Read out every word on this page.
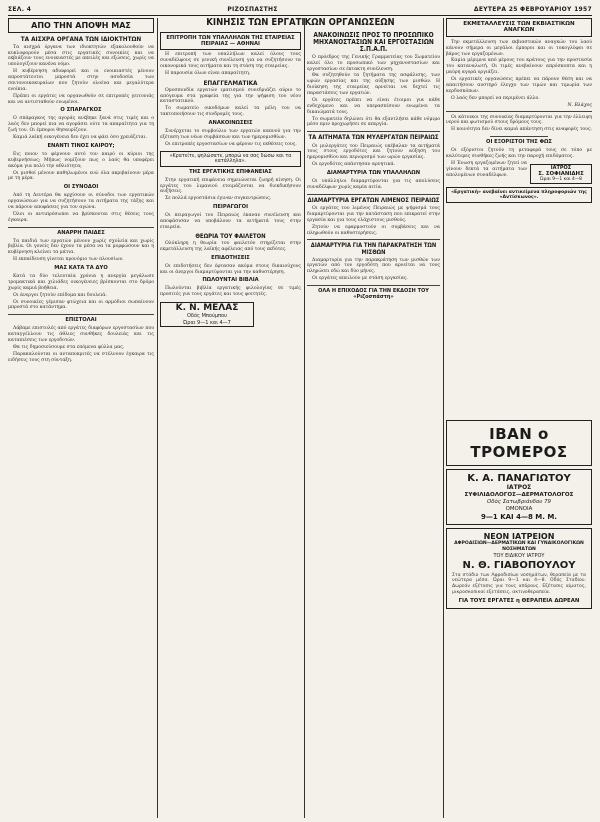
ΣΕΛ. 4	ΡΙΖΟΣΠΑΣΤΗΣ	ΔΕΥΤΕΡΑ 25 ΦΕΒΡΟΥΑΡΙΟΥ 1957
ΑΠΟ ΤΗΝ ΑΠΟΨΗ ΜΑΣ
ΤΑ ΑΙΣΧΡΑ ΟΡΓΑΝΑ ΤΩΝ ΙΔΙΟΚΤΗΤΩΝ

Τα αισχρά όργανα των ιδιοκτητών εξακολουθούν να κυκλοφορούν μέσα στις εργατικές συνοικίες και να εκβιάζουν τους ενοικιαστές με απειλές και εξώσεις, χωρίς να υπολογίζουν κανένα νόμο.

Η κυβέρνηση αδιαφορεί και οι ενοικιαστές μένουν απροστάτευτοι μπροστά στην ασυδοσία των σπιτονοικοκυραίων που ζητούν ολοένα και μεγαλύτερα ενοίκια.

Πρέπει οι εργάτες να οργανωθούν σε επιτροπές γειτονιάς και να αντισταθούν ενωμένοι.

Ο ΣΠΑΡΑΓΚΟΣ

Ο σπάραγκος της αγοράς ανέβηκε ξανά στις τιμές και ο λαός δεν μπορεί πια να αγοράσει ούτε τα απαραίτητα για τη ζωή του. Οι έμποροι θησαυρίζουν.

Καμιά λαϊκή οικογένεια δεν έχει να φάει όσο χρειάζεται.

ΕΝΑΝΤΙ ΤΙΝΟΣ ΚΑΙΡΟΥ;

Εις ποιον το φέρνουν αυτό τον καιρό οι κύριοι της κυβερνήσεως; Μήπως νομίζουν πως ο λαός θα υποφέρει ακόμα για πολύ την αθλιότητα;

Οι μισθοί μένουν καθηλωμένοι ενώ όλα ακριβαίνουν μέρα με τη μέρα.

ΟΙ ΣΥΝΟΔΟΙ

Από τη Δευτέρα θα αρχίσουν οι σύνοδοι των εργατικών οργανώσεων για να συζητήσουν τα αιτήματα της τάξης και να πάρουν αποφάσεις για τον αγώνα.

Όλοι οι αντιπρόσωποι να βρίσκονται στις θέσεις τους έγκαιρα.

ΑΝΑΡΡΗ ΠΑΙΔΕΣ

Τα παιδιά των εργατών μένουν χωρίς σχολεία και χωρίς βιβλία. Οι γονείς δεν έχουν τα μέσα να τα μορφώσουν και η κυβέρνηση κλείνει τα μάτια.

Η εκπαίδευση γίνεται προνόμιο των πλουσίων.

ΜΑΣ ΚΑΤΑ ΤΑ ΔΥΟ

Κατά τα δύο τελευταία χρόνια η ανεργία μεγάλωσε τρομακτικά και χιλιάδες οικογένειες βρίσκονται στο δρόμο χωρίς καμιά βοήθεια.

Οι άνεργοι ζητούν επίδομα και δουλειά.

Οι συνοικίες γέμισαν φτώχεια και οι αρμόδιοι σωπαίνουν μπροστά στο κατάντημα.

ΕΠΙΣΤΟΛΑΙ

Λάβαμε επιστολές από εργάτες διαφόρων εργοστασίων που καταγγέλλουν τις άθλιες συνθήκες δουλειάς και τις καταπιέσεις των εργοδοτών.

Θα τις δημοσιεύσουμε στα επόμενα φύλλα μας.

Παρακαλούνται οι ανταποκριτές να στέλνουν έγκαιρα τις ειδήσεις τους στη σύνταξη.

ΚΙΝΗΣΙΣ ΤΩΝ ΕΡΓΑΤΙΚΩΝ ΟΡΓΑΝΩΣΕΩΝ
ΕΠΙΤΡΟΠΗ ΤΩΝ ΥΠΑΛΛΗΛΩΝ ΤΗΣ ΕΤΑΙΡΕΙΑΣ ΠΕΙΡΑΙΑΣ — ΑΘΗΝΑΙ

Η επιτροπή των υπαλλήλων καλεί όλους τους συναδέλφους σε γενική συνέλευση για να συζητήσουν τα οικονομικά τους αιτήματα και τη στάση της εταιρείας.

Η παρουσία όλων είναι απαραίτητη.

ΕΠΑΓΓΕΛΜΑΤΙΚΑ

Ομοσπονδία εργατών ιματισμού συνεδριάζει αύριο το απόγευμα στα γραφεία της για την ψήφιση του νέου καταστατικού.

Το σωματείο οικοδόμων καλεί τα μέλη του να τακτοποιήσουν τις συνδρομές τους.

ΑΝΑΚΟΙΝΩΣΕΙΣ

Συνέρχεται το συμβούλιο των εργατών καπνού για την εξέταση των νέων συμβάσεων και των ημερομισθίων.

Οι επιτροπές εργοστασίων να φέρουν τις εκθέσεις τους.

«Κρατείτε, ψηλώσατε, μπορώ να σας δώσω και τα κατάλληλα».
ΤΗΣ ΕΡΓΑΤΙΚΗΣ ΕΠΙΦΑΝΕΙΑΣ

Στην εργατική επιφάνεια σημειώνεται ζωηρή κίνηση. Οι εργάτες του λιμανιού ετοιμάζονται να διεκδικήσουν αυξήσεις.

Σε πολλά εργοστάσια έγιναν συγκεντρώσεις.

ΠΕΙΡΑΓΩΓΟΙ

Οι πειραγωγοί του Πειραιώς έκαναν συνέλευση και αποφάσισαν να υποβάλουν τα αιτήματά τους στην εταιρεία.

ΘΕΩΡΙΑ ΤΟΥ ΦΑΙΛΕΤΟΝ

Ολόκληρη η θεωρία του φαιλετόν στηρίζεται στην εκμετάλλευση της λαϊκής αφέλειας από τους εκδότες.

ΕΠΙΔΟΤΗΣΕΙΣ

Οι επιδοτήσεις δεν έφτασαν ακόμα στους δικαιούχους και οι άνεργοι διαμαρτύρονται για την καθυστέρηση.

ΠΩΛΟΥΝΤΑΙ ΒΙΒΛΙΑ

Πωλούνται βιβλία εργατικής φιλολογίας σε τιμές προσιτές για τους εργάτες και τους φοιτητές.

Κ. Ν. ΜΕΛΑΣ
Οδός Μπούμπου
Ώραι 9—1 και 4—7
ΑΝΑΚΟΙΝΩΣΙΣ ΠΡΟΣ ΤΟ ΠΡΟΣΩΠΙΚΟ ΜΗΧΑΝΟΣΤΑΣΙΩΝ ΚΑΙ ΕΡΓΟΣΤΑΣΙΩΝ Σ.Π.Α.Π.

Ο πρόεδρος της Γενικής Γραμματείας του Σωματείου καλεί όλο το προσωπικό των μηχανοστασίων και εργοστασίων σε έκτακτη συνέλευση.

Θα συζητηθούν τα ζητήματα της ασφάλισης, των ωρών εργασίας και της αύξησης των μισθών. Η διοίκηση της εταιρείας αρνείται να δεχτεί τις παραστάσεις των εργατών.

Οι εργάτες πρέπει να είναι έτοιμοι για κάθε ενδεχόμενο και να υπερασπίσουν ενωμένοι τα δικαιώματά τους.

Το σωματείο δηλώνει ότι θα εξαντλήσει κάθε νόμιμο μέσο πριν προχωρήσει σε απεργία.

ΤΑ ΑΙΤΗΜΑΤΑ ΤΩΝ ΜΥΛΕΡΓΑΤΩΝ ΠΕΙΡΑΙΩΣ

Οι μυλεργάτες του Πειραιώς υπέβαλαν τα αιτήματά τους στους εργοδότες και ζητούν αύξηση του ημερομισθίου και περιορισμό των ωρών εργασίας.

Οι εργοδότες απάντησαν αρνητικά.

ΔΙΑΜΑΡΤΥΡΙΑ ΤΩΝ ΥΠΑΛΛΗΛΩΝ

Οι υπάλληλοι διαμαρτύρονται για τις απολύσεις συναδέλφων χωρίς καμία αιτία.

ΔΙΑΜΑΡΤΥΡΙΑ ΕΡΓΑΤΩΝ ΛΙΜΕΝΟΣ ΠΕΙΡΑΙΩΣ

Οι εργάτες του λιμένος Πειραιώς με ψήφισμά τους διαμαρτύρονται για την κατάσταση που επικρατεί στην εργασία και για τους ελάχιστους μισθούς.

Ζητούν να εφαρμοστούν οι συμβάσεις και να πληρωθούν οι καθυστερήσεις.

ΔΙΑΜΑΡΤΥΡΙΑ ΓΙΑ ΤΗΝ ΠΑΡΑΚΡΑΤΗΣΗ ΤΩΝ ΜΙΣΘΩΝ

Διαμαρτυρία για την παρακράτηση των μισθών των εργατών από τον εργοδότη που αρνείται να τους πληρώσει εδώ και δύο μήνες.

Οι εργάτες απειλούν με στάση εργασίας.

ΟΛΑ Η ΕΠΙΧΟΔΟΣ ΓΙΑ ΤΗΝ ΕΚΔΟΣΗ ΤΟΥ «Ριζοσπάστη»
ΕΚΜΕΤΑΛΛΕΥΣΙΣ ΤΩΝ ΕΚΒΙΑΣΤΙΚΩΝ ΑΝΑΓΚΩΝ

Την εκμετάλλευση των εκβιαστικών αναγκών του λαού κάνουν σήμερα οι μεγάλοι έμποροι και οι τοκογλύφοι σε βάρος των εργαζομένων.

Καμία μέριμνα από μέρους του κράτους για την προστασία του καταναλωτή. Οι τιμές ανεβαίνουν απρόσκοπτα και η μαύρη αγορά οργιάζει.

Οι εργατικές οργανώσεις πρέπει να πάρουν θέση και να απαιτήσουν αυστηρό έλεγχο των τιμών και τιμωρία των κερδοσκόπων.

Ο λαός δεν μπορεί να περιμένει άλλο.

Ν. Βλάχος

Οι κάτοικοι της συνοικίας διαμαρτύρονται για την έλλειψη νερού και φωτισμού στους δρόμους τους.

Η κοινότητα δεν δίνει καμιά απάντηση στις αναφορές τους.

ΟΙ ΕΞΟΡΙΣΤΟΙ ΤΗΣ ΦΩΣ

Οι εξόριστοι ζητούν τη μεταφορά τους σε τόπο με καλύτερες συνθήκες ζωής και την παροχή επιδόματος.

ΙΑΤΡΟΣ
Σ. ΣΟΦΙΑΝΙΔΗΣ
Ώραι 9—1 και 4—8

Η Ένωση εργαζομένων ζητεί να γίνουν δεκτά τα αιτήματα των απολυμένων συναδέλφων.

«Εργατική» ανεβαίνει αντικείμενα πληροφοριών της «Αντίσκωνος».
ΙΒΑΝ ο ΤΡΟΜΕΡΟΣ
Κ. Α. ΠΑΝΑΓΙΩΤΟΥ
ΙΑΤΡΟΣ
ΣΥΦΙΛΙΔΟΛΟΓΟΣ—ΔΕΡΜΑΤΟΛΟΓΟΣ
Οδός Σατωβριάνδου 79
ΟΜΟΝΟΙΑ
9—1 ΚΑΙ 4—8 Μ. Μ.
ΝΕΟΝ ΙΑΤΡΕΙΟΝ
ΑΦΡΟΔΙΣΙΩΝ—ΔΕΡΜΑΤΙΚΩΝ ΚΑΙ ΓΥΝΑΙΚΟΛΟΓΙΚΩΝ ΝΟΣΗΜΑΤΩΝ
ΤΟΥ ΕΙΔΙΚΟΥ ΙΑΤΡΟΥ
Ν. Θ. ΓΙΑΒΟΠΟΥΛΟΥ
Στα στάδιο των Αφροδισίων νοσημάτων, θεραπεία με τα νεώτερα μέσα. Ώραι 9—1 και 4—8. Οδός Σταδίου. Δωρεάν εξέτασις για τους απόρους. Εξέτασις αίματος, μικροσκοπικαί εξετάσεις, ακτινοθεραπεία.
ΓΙΑ ΤΟΥΣ ΕΡΓΑΤΕΣ η ΘΕΡΑΠΕΙΑ ΔΩΡΕΑΝ
